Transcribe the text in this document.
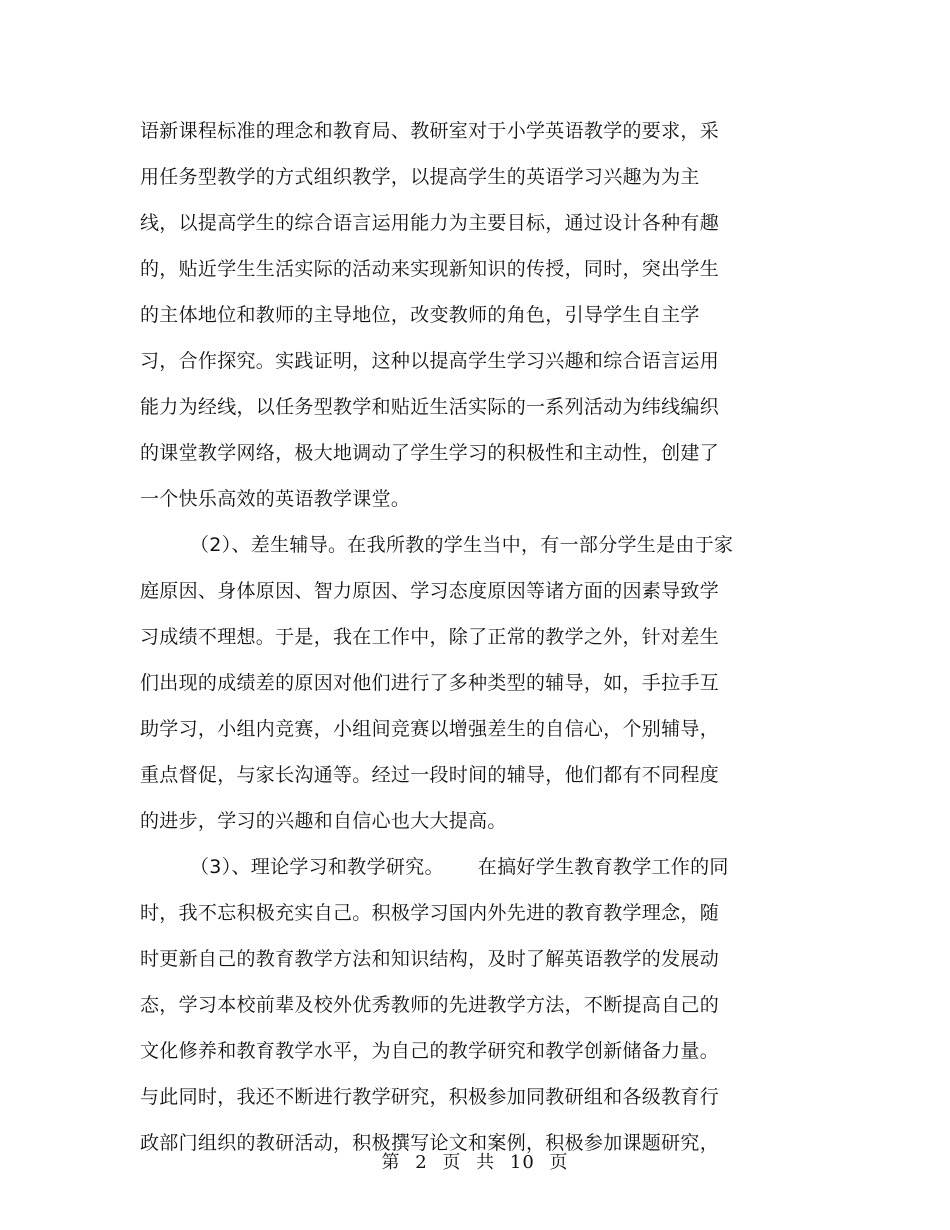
语新课程标准的理念和教育局、教研室对于小学英语教学的要求，采
用任务型教学的方式组织教学，以提高学生的英语学习兴趣为为主
线，以提高学生的综合语言运用能力为主要目标，通过设计各种有趣
的，贴近学生生活实际的活动来实现新知识的传授，同时，突出学生
的主体地位和教师的主导地位，改变教师的角色，引导学生自主学
习，合作探究。实践证明，这种以提高学生学习兴趣和综合语言运用
能力为经线，以任务型教学和贴近生活实际的一系列活动为纬线编织
的课堂教学网络，极大地调动了学生学习的积极性和主动性，创建了
一个快乐高效的英语教学课堂。
（2）、差生辅导。在我所教的学生当中，有一部分学生是由于家
庭原因、身体原因、智力原因、学习态度原因等诸方面的因素导致学
习成绩不理想。于是，我在工作中，除了正常的教学之外，针对差生
们出现的成绩差的原因对他们进行了多种类型的辅导，如，手拉手互
助学习，小组内竞赛，小组间竞赛以增强差生的自信心，个别辅导，
重点督促，与家长沟通等。经过一段时间的辅导，他们都有不同程度
的进步，学习的兴趣和自信心也大大提高。
（3）、理论学习和教学研究。 在搞好学生教育教学工作的同
时，我不忘积极充实自己。积极学习国内外先进的教育教学理念，随
时更新自己的教育教学方法和知识结构，及时了解英语教学的发展动
态，学习本校前辈及校外优秀教师的先进教学方法，不断提高自己的
文化修养和教育教学水平，为自己的教学研究和教学创新储备力量。
与此同时，我还不断进行教学研究，积极参加同教研组和各级教育行
政部门组织的教研活动，积极撰写论文和案例，积极参加课题研究，
第 2 页 共 10 页
